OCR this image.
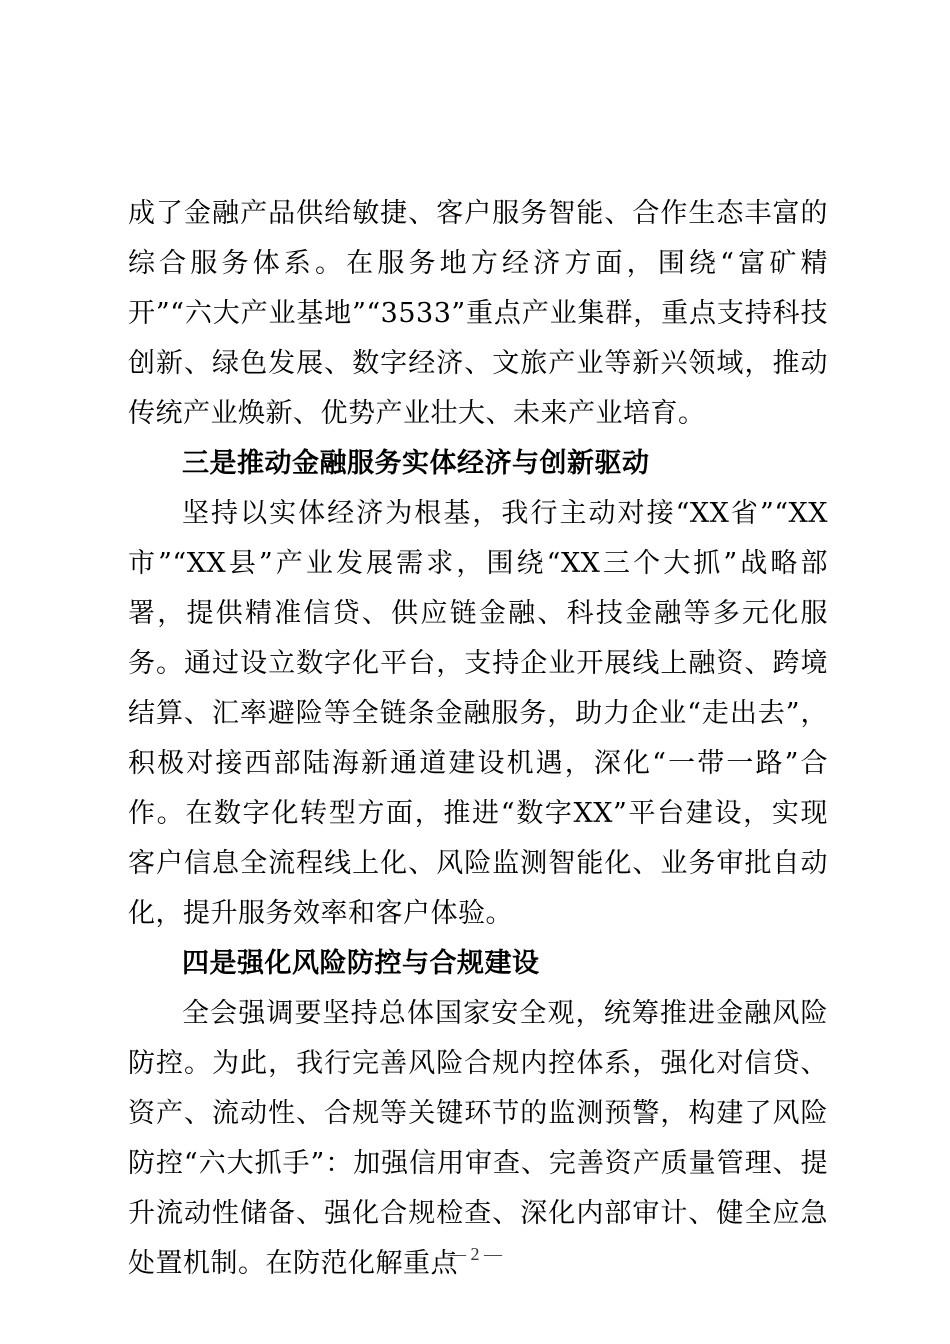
成了金融产品供给敏捷、客户服务智能、合作生态丰富的综合服务体系。在服务地方经济方面，围绕“富矿精开”“六大产业基地”“3533”重点产业集群，重点支持科技创新、绿色发展、数字经济、文旅产业等新兴领域，推动传统产业焕新、优势产业壮大、未来产业培育。

三是推动金融服务实体经济与创新驱动

坚持以实体经济为根基，我行主动对接“XX省”“XX市”“XX县”产业发展需求，围绕“XX三个大抓”战略部署，提供精准信贷、供应链金融、科技金融等多元化服务。通过设立数字化平台，支持企业开展线上融资、跨境结算、汇率避险等全链条金融服务，助力企业“走出去”，积极对接西部陆海新通道建设机遇，深化“一带一路”合作。在数字化转型方面，推进“数字XX”平台建设，实现客户信息全流程线上化、风险监测智能化、业务审批自动化，提升服务效率和客户体验。

四是强化风险防控与合规建设

全会强调要坚持总体国家安全观，统筹推进金融风险防控。为此，我行完善风险合规内控体系，强化对信贷、资产、流动性、合规等关键环节的监测预警，构建了风险防控“六大抓手”：加强信用审查、完善资产质量管理、提升流动性储备、强化合规检查、深化内部审计、健全应急处置机制。在防范化解重点

— 2 —
